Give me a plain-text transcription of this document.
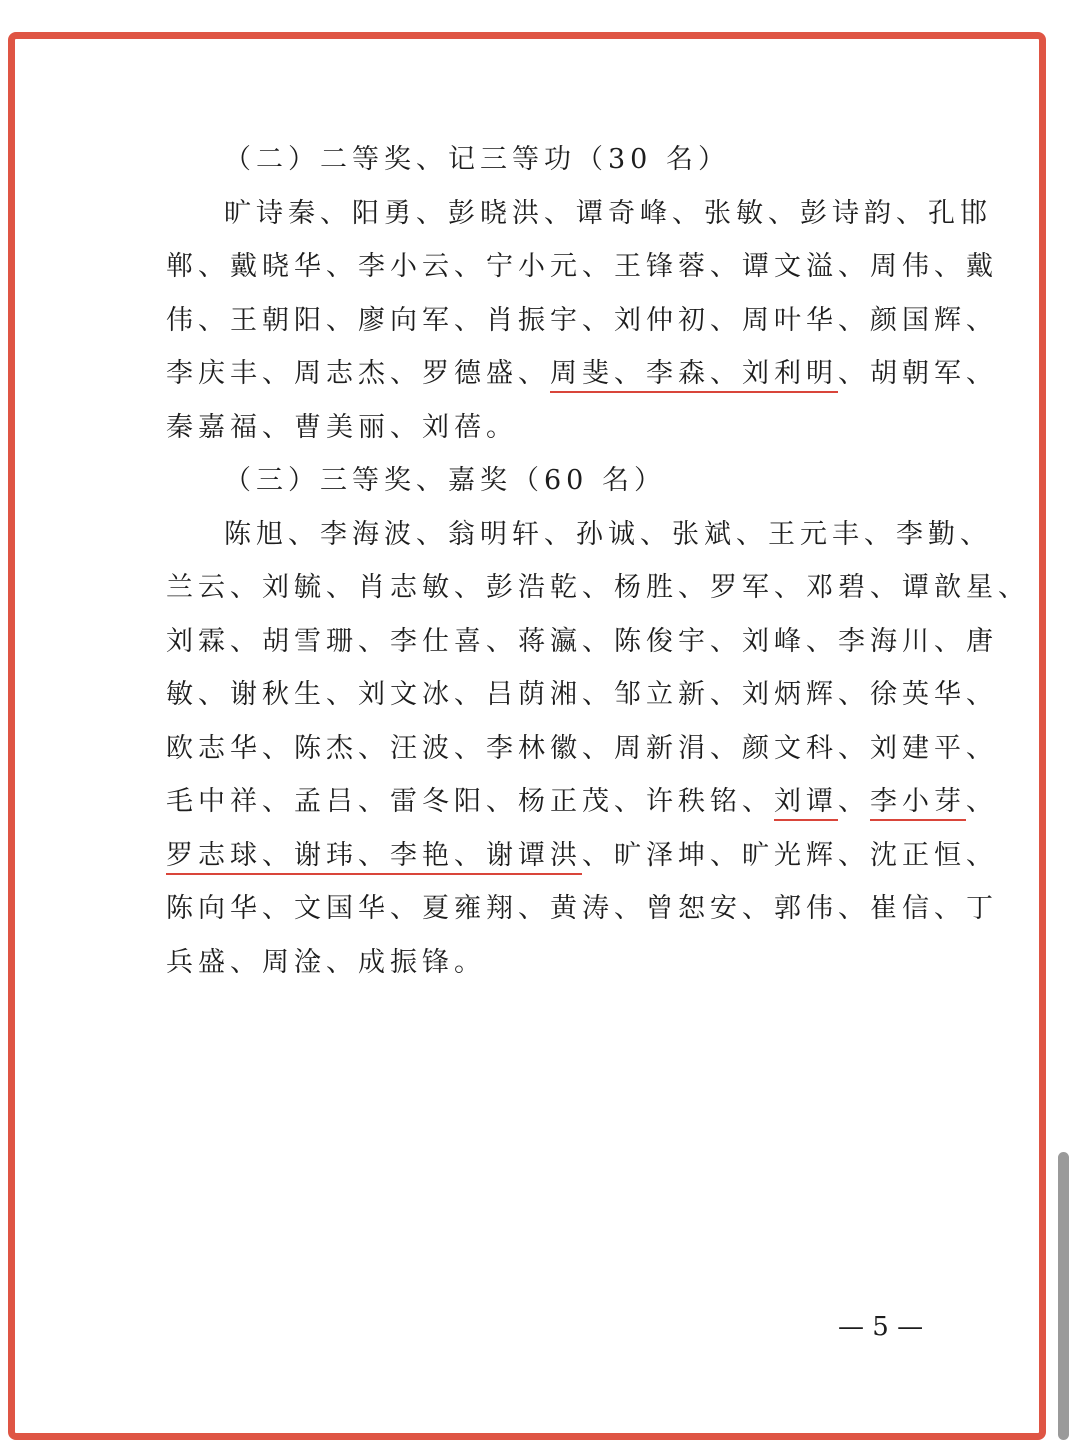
（二）二等奖、记三等功（30 名）
旷诗秦、阳勇、彭晓洪、谭奇峰、张敏、彭诗韵、孔邯
郸、戴晓华、李小云、宁小元、王锋蓉、谭文溢、周伟、戴
伟、王朝阳、廖向军、肖振宇、刘仲初、周叶华、颜国辉、
李庆丰、周志杰、罗德盛、周斐、李森、刘利明、胡朝军、
秦嘉福、曹美丽、刘蓓。
（三）三等奖、嘉奖（60 名）
陈旭、李海波、翁明轩、孙诚、张斌、王元丰、李勤、
兰云、刘毓、肖志敏、彭浩乾、杨胜、罗军、邓碧、谭歆星、
刘霖、胡雪珊、李仕喜、蒋瀛、陈俊宇、刘峰、李海川、唐
敏、谢秋生、刘文冰、吕荫湘、邹立新、刘炳辉、徐英华、
欧志华、陈杰、汪波、李林徽、周新涓、颜文科、刘建平、
毛中祥、孟吕、雷冬阳、杨正茂、许秩铭、刘谭、李小芽、
罗志球、谢玮、李艳、谢谭洪、旷泽坤、旷光辉、沈正恒、
陈向华、文国华、夏雍翔、黄涛、曾恕安、郭伟、崔信、丁
兵盛、周淦、成振锋。
— 5 —
